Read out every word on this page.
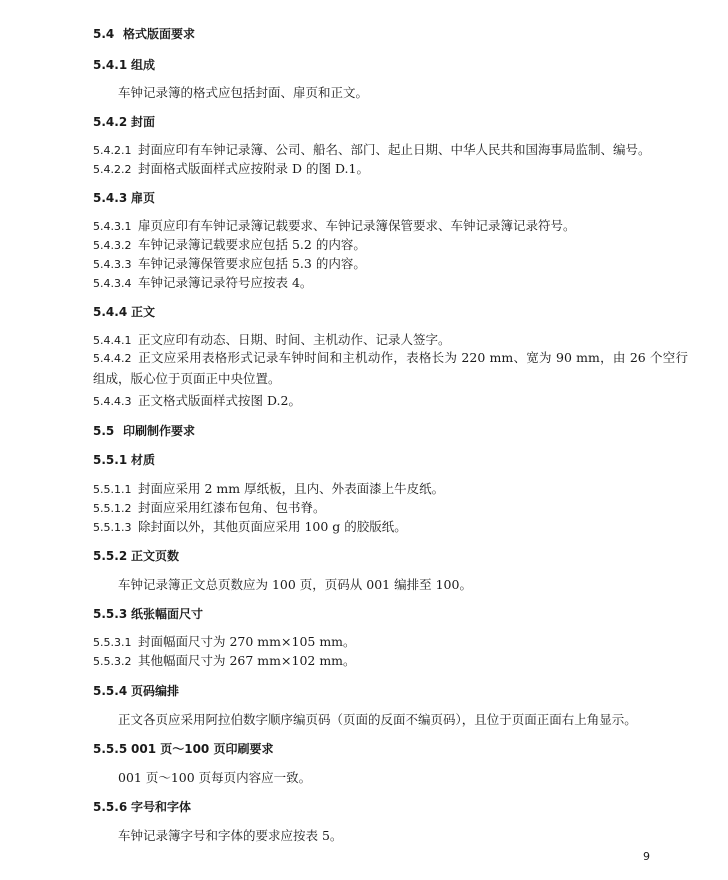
5.4 格式版面要求
5.4.1 组成
车钟记录簿的格式应包括封面、扉页和正文。
5.4.2 封面
5.4.2.1 封面应印有车钟记录簿、公司、船名、部门、起止日期、中华人民共和国海事局监制、编号。
5.4.2.2 封面格式版面样式应按附录 D 的图 D.1。
5.4.3 扉页
5.4.3.1 扉页应印有车钟记录簿记载要求、车钟记录簿保管要求、车钟记录簿记录符号。
5.4.3.2 车钟记录簿记载要求应包括 5.2 的内容。
5.4.3.3 车钟记录簿保管要求应包括 5.3 的内容。
5.4.3.4 车钟记录簿记录符号应按表 4。
5.4.4 正文
5.4.4.1 正文应印有动态、日期、时间、主机动作、记录人签字。
5.4.4.2 正文应采用表格形式记录车钟时间和主机动作，表格长为 220 mm、宽为 90 mm，由 26 个空行组成，版心位于页面正中央位置。
5.4.4.3 正文格式版面样式按图 D.2。
5.5 印刷制作要求
5.5.1 材质
5.5.1.1 封面应采用 2 mm 厚纸板，且内、外表面漆上牛皮纸。
5.5.1.2 封面应采用红漆布包角、包书脊。
5.5.1.3 除封面以外，其他页面应采用 100 g 的胶版纸。
5.5.2 正文页数
车钟记录簿正文总页数应为 100 页，页码从 001 编排至 100。
5.5.3 纸张幅面尺寸
5.5.3.1 封面幅面尺寸为 270 mm×105 mm。
5.5.3.2 其他幅面尺寸为 267 mm×102 mm。
5.5.4 页码编排
正文各页应采用阿拉伯数字顺序编页码（页面的反面不编页码），且位于页面正面右上角显示。
5.5.5 001 页～100 页印刷要求
001 页～100 页每页内容应一致。
5.5.6 字号和字体
车钟记录簿字号和字体的要求应按表 5。
9
